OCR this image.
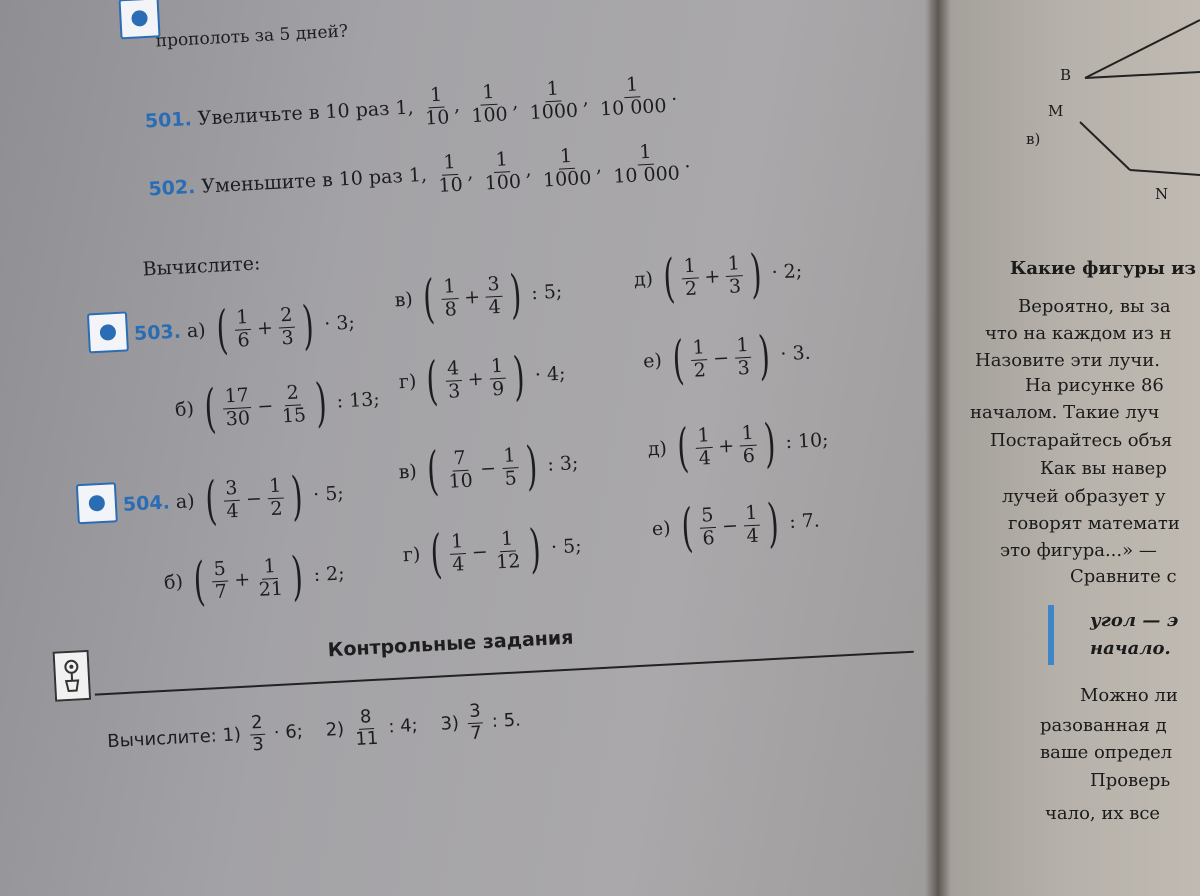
прополоть за 5 дней?
501. Увеличьте в 10 раз 1, $\frac{1}{10}$ , $\frac{1}{100}$ , $\frac{1}{1000}$ , $\frac{1}{10 000}$ .
502. Уменьшите в 10 раз 1, $\frac{1}{10}$ , $\frac{1}{100}$ , $\frac{1}{1000}$ , $\frac{1}{10 000}$ .
Вычислите:
503. а) ( $\frac{1}{6} + \frac{2}{3}$ ) · 3;
б) ( $\frac{17}{30} - \frac{2}{15}$ ) : 13;
в) ( $\frac{1}{8} + \frac{3}{4}$ ) : 5;
г) ( $\frac{4}{3} + \frac{1}{9}$ ) · 4;
д) ( $\frac{1}{2} + \frac{1}{3}$ ) · 2;
е) ( $\frac{1}{2} - \frac{1}{3}$ ) · 3.
504. а) ( $\frac{3}{4} - \frac{1}{2}$ ) · 5;
б) ( $\frac{5}{7} + \frac{1}{21}$ ) : 2;
в) ( $\frac{7}{10} - \frac{1}{5}$ ) : 3;
г) ( $\frac{1}{4} - \frac{1}{12}$ ) · 5;
д) ( $\frac{1}{4} + \frac{1}{6}$ ) : 10;
е) ( $\frac{5}{6} - \frac{1}{4}$ ) : 7.
Контрольные задания
Вычислите: $1) \frac{2}{3} \cdot 6$; $2) \frac{8}{11}$ : 4; $3) \frac{3}{7}$ : 5.
B
M
в)
N
Какие фигуры из
Вероятно, вы за
что на каждом из н
Назовите эти лучи.
На рисунке 86
началом. Такие луч
Постарайтесь объя
Как вы навер
лучей образует у
говорят математи
это фигура...» —
Сравните с
угол — э
начало.
Можно ли
разованная д
ваше определ
Проверь
чало, их все
